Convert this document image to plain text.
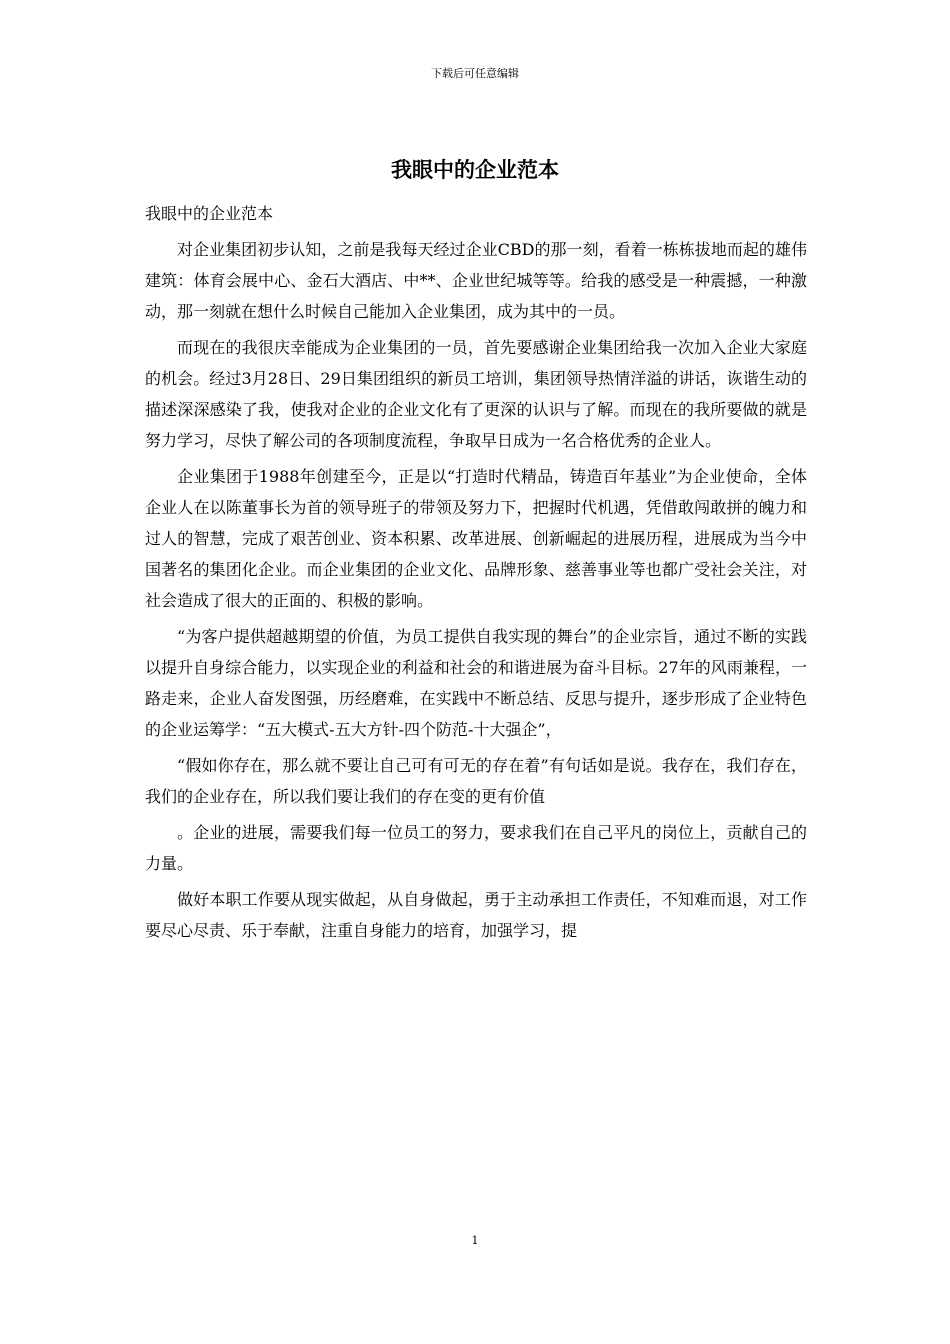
下载后可任意编辑
我眼中的企业范本

我眼中的企业范本

对企业集团初步认知，之前是我每天经过企业CBD的那一刻，看着一栋栋拔地而起的雄伟建筑：体育会展中心、金石大酒店、中**、企业世纪城等等。给我的感受是一种震撼，一种激动，那一刻就在想什么时候自己能加入企业集团，成为其中的一员。

而现在的我很庆幸能成为企业集团的一员，首先要感谢企业集团给我一次加入企业大家庭的机会。经过3月28日、29日集团组织的新员工培训，集团领导热情洋溢的讲话，诙谐生动的描述深深感染了我，使我对企业的企业文化有了更深的认识与了解。而现在的我所要做的就是努力学习，尽快了解公司的各项制度流程，争取早日成为一名合格优秀的企业人。

企业集团于1988年创建至今，正是以“打造时代精品，铸造百年基业”为企业使命，全体企业人在以陈董事长为首的领导班子的带领及努力下，把握时代机遇，凭借敢闯敢拼的魄力和过人的智慧，完成了艰苦创业、资本积累、改革进展、创新崛起的进展历程，进展成为当今中国著名的集团化企业。而企业集团的企业文化、品牌形象、慈善事业等也都广受社会关注，对社会造成了很大的正面的、积极的影响。

“为客户提供超越期望的价值，为员工提供自我实现的舞台”的企业宗旨，通过不断的实践以提升自身综合能力，以实现企业的利益和社会的和谐进展为奋斗目标。27年的风雨兼程，一路走来，企业人奋发图强，历经磨难，在实践中不断总结、反思与提升，逐步形成了企业特色的企业运筹学：“五大模式-五大方针-四个防范-十大强企”，

“假如你存在，那么就不要让自己可有可无的存在着”有句话如是说。我存在，我们存在，我们的企业存在，所以我们要让我们的存在变的更有价值

。企业的进展，需要我们每一位员工的努力，要求我们在自己平凡的岗位上，贡献自己的力量。

做好本职工作要从现实做起，从自身做起，勇于主动承担工作责任，不知难而退，对工作要尽心尽责、乐于奉献，注重自身能力的培育，加强学习，提

1
